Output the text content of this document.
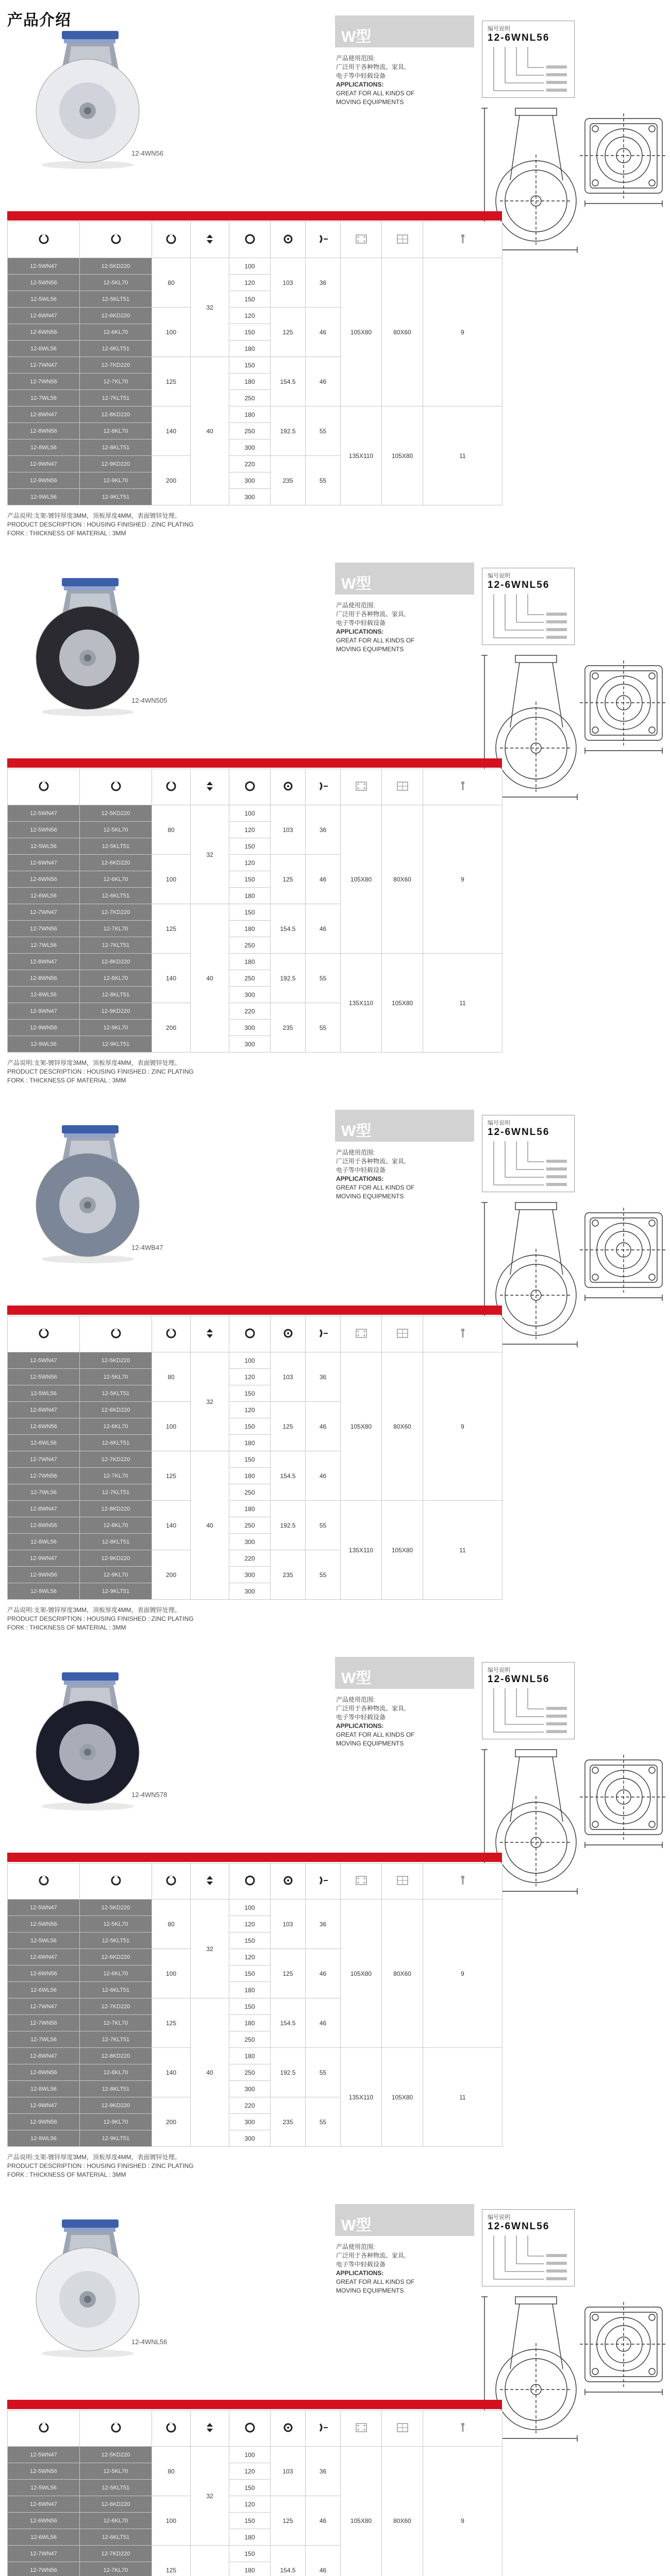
产品介绍
12-4WN56
W型
产品使用范围:
广泛用于各种物流、家具,
电子等中轻载设备
APPLICATIONS:
GREAT FOR ALL KINDS OF
MOVING EQUIPMENTS
编号说明
12-6WNL56

12-5WN47	12-5KD220	80	32	100	103	36	105X80	80X60	9
12-5WN56	12-5KL70			120					
12-5WL56	12-5KLT51			150					
12-6WN47	12-6KD220	100		120	125	46			
12-6WN56	12-6KL70			150					
12-6WL56	12-6KLT51			180					
12-7WN47	12-7KD220	125	40	150	154.5	46			
12-7WN56	12-7KL70			180					
12-7WL56	12-7KLT51			250					
12-8WN47	12-8KD220	140		180	192.5	55	135X110	105X80	11
12-8WN56	12-8KL70			250					
12-8WL56	12-8KLT51			300					
12-9WN47	12-9KD220	200		220	235	55			
12-9WN56	12-9KL70			300					
12-9WL56	12-9KLT51			300					
产品说明:支架-镀锌厚度3MM，顶板厚度4MM，表面镀锌处理。
PRODUCT DESCRIPTION : HOUSING FINISHED : ZINC PLATING
FORK : THICKNESS OF MATERIAL : 3MM
12-4WN505
W型
产品使用范围:
广泛用于各种物流、家具,
电子等中轻载设备
APPLICATIONS:
GREAT FOR ALL KINDS OF
MOVING EQUIPMENTS
编号说明
12-6WNL56

12-5WN47	12-5KD220	80	32	100	103	36	105X80	80X60	9
12-5WN56	12-5KL70			120					
12-5WL56	12-5KLT51			150					
12-6WN47	12-6KD220	100		120	125	46			
12-6WN56	12-6KL70			150					
12-6WL56	12-6KLT51			180					
12-7WN47	12-7KD220	125	40	150	154.5	46			
12-7WN56	12-7KL70			180					
12-7WL56	12-7KLT51			250					
12-8WN47	12-8KD220	140		180	192.5	55	135X110	105X80	11
12-8WN56	12-8KL70			250					
12-8WL56	12-8KLT51			300					
12-9WN47	12-9KD220	200		220	235	55			
12-9WN56	12-9KL70			300					
12-9WL56	12-9KLT51			300					
产品说明:支架-镀锌厚度3MM，顶板厚度4MM，表面镀锌处理。
PRODUCT DESCRIPTION : HOUSING FINISHED : ZINC PLATING
FORK : THICKNESS OF MATERIAL : 3MM
12-4WB47
W型
产品使用范围:
广泛用于各种物流、家具,
电子等中轻载设备
APPLICATIONS:
GREAT FOR ALL KINDS OF
MOVING EQUIPMENTS
编号说明
12-6WNL56

12-5WN47	12-5KD220	80	32	100	103	36	105X80	80X60	9
12-5WN56	12-5KL70			120					
12-5WL56	12-5KLT51			150					
12-6WN47	12-6KD220	100		120	125	46			
12-6WN56	12-6KL70			150					
12-6WL56	12-6KLT51			180					
12-7WN47	12-7KD220	125	40	150	154.5	46			
12-7WN56	12-7KL70			180					
12-7WL56	12-7KLT51			250					
12-8WN47	12-8KD220	140		180	192.5	55	135X110	105X80	11
12-8WN56	12-8KL70			250					
12-8WL56	12-8KLT51			300					
12-9WN47	12-9KD220	200		220	235	55			
12-9WN56	12-9KL70			300					
12-9WL56	12-9KLT51			300					
产品说明:支架-镀锌厚度3MM，顶板厚度4MM，表面镀锌处理。
PRODUCT DESCRIPTION : HOUSING FINISHED : ZINC PLATING
FORK : THICKNESS OF MATERIAL : 3MM
12-4WN578
W型
产品使用范围:
广泛用于各种物流、家具,
电子等中轻载设备
APPLICATIONS:
GREAT FOR ALL KINDS OF
MOVING EQUIPMENTS
编号说明
12-6WNL56

12-5WN47	12-5KD220	80	32	100	103	36	105X80	80X60	9
12-5WN56	12-5KL70			120					
12-5WL56	12-5KLT51			150					
12-6WN47	12-6KD220	100		120	125	46			
12-6WN56	12-6KL70			150					
12-6WL56	12-6KLT51			180					
12-7WN47	12-7KD220	125	40	150	154.5	46			
12-7WN56	12-7KL70			180					
12-7WL56	12-7KLT51			250					
12-8WN47	12-8KD220	140		180	192.5	55	135X110	105X80	11
12-8WN56	12-8KL70			250					
12-8WL56	12-8KLT51			300					
12-9WN47	12-9KD220	200		220	235	55			
12-9WN56	12-9KL70			300					
12-9WL56	12-9KLT51			300					
产品说明:支架-镀锌厚度3MM，顶板厚度4MM，表面镀锌处理。
PRODUCT DESCRIPTION : HOUSING FINISHED : ZINC PLATING
FORK : THICKNESS OF MATERIAL : 3MM
12-4WNL56
W型
产品使用范围:
广泛用于各种物流、家具,
电子等中轻载设备
APPLICATIONS:
GREAT FOR ALL KINDS OF
MOVING EQUIPMENTS
编号说明
12-6WNL56

12-5WN47	12-5KD220	80	32	100	103	36	105X80	80X60	9
12-5WN56	12-5KL70			120					
12-5WL56	12-5KLT51			150					
12-6WN47	12-6KD220	100		120	125	46			
12-6WN56	12-6KL70			150					
12-6WL56	12-6KLT51			180					
12-7WN47	12-7KD220	125		150	154.5	46			
12-7WN56	12-7KL70			180					
